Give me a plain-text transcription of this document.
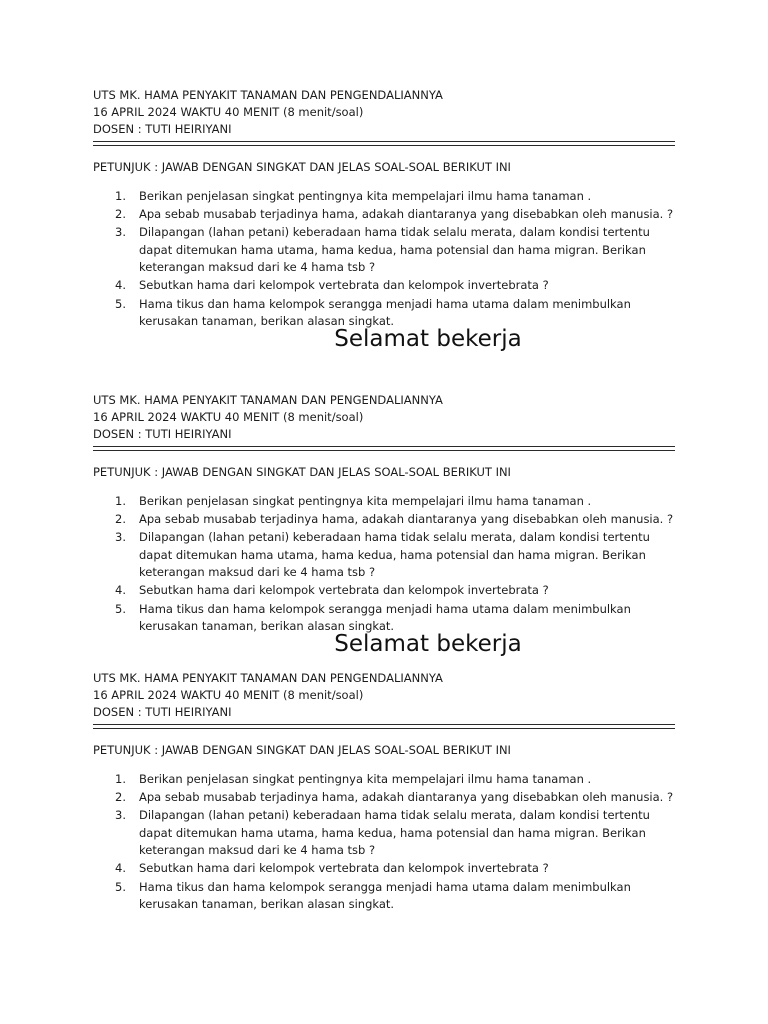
UTS MK. HAMA PENYAKIT TANAMAN DAN PENGENDALIANNYA
16 APRIL 2024 WAKTU 40 MENIT (8 menit/soal)
DOSEN : TUTI HEIRIYANI
PETUNJUK : JAWAB DENGAN SINGKAT DAN JELAS SOAL-SOAL BERIKUT INI
1. Berikan penjelasan singkat pentingnya kita mempelajari ilmu hama tanaman .
2. Apa sebab musabab terjadinya hama, adakah diantaranya yang disebabkan oleh manusia. ?
3. Dilapangan (lahan petani) keberadaan hama tidak selalu merata, dalam kondisi tertentu
dapat ditemukan hama utama, hama kedua, hama potensial dan hama migran. Berikan
keterangan maksud dari ke 4 hama tsb ?
4. Sebutkan hama dari kelompok vertebrata dan kelompok invertebrata ?
5. Hama tikus dan hama kelompok serangga menjadi hama utama dalam menimbulkan
kerusakan tanaman, berikan alasan singkat.
Selamat bekerja
UTS MK. HAMA PENYAKIT TANAMAN DAN PENGENDALIANNYA
16 APRIL 2024 WAKTU 40 MENIT (8 menit/soal)
DOSEN : TUTI HEIRIYANI
PETUNJUK : JAWAB DENGAN SINGKAT DAN JELAS SOAL-SOAL BERIKUT INI
1. Berikan penjelasan singkat pentingnya kita mempelajari ilmu hama tanaman .
2. Apa sebab musabab terjadinya hama, adakah diantaranya yang disebabkan oleh manusia. ?
3. Dilapangan (lahan petani) keberadaan hama tidak selalu merata, dalam kondisi tertentu
dapat ditemukan hama utama, hama kedua, hama potensial dan hama migran. Berikan
keterangan maksud dari ke 4 hama tsb ?
4. Sebutkan hama dari kelompok vertebrata dan kelompok invertebrata ?
5. Hama tikus dan hama kelompok serangga menjadi hama utama dalam menimbulkan
kerusakan tanaman, berikan alasan singkat.
Selamat bekerja
UTS MK. HAMA PENYAKIT TANAMAN DAN PENGENDALIANNYA
16 APRIL 2024 WAKTU 40 MENIT (8 menit/soal)
DOSEN : TUTI HEIRIYANI
PETUNJUK : JAWAB DENGAN SINGKAT DAN JELAS SOAL-SOAL BERIKUT INI
1. Berikan penjelasan singkat pentingnya kita mempelajari ilmu hama tanaman .
2. Apa sebab musabab terjadinya hama, adakah diantaranya yang disebabkan oleh manusia. ?
3. Dilapangan (lahan petani) keberadaan hama tidak selalu merata, dalam kondisi tertentu
dapat ditemukan hama utama, hama kedua, hama potensial dan hama migran. Berikan
keterangan maksud dari ke 4 hama tsb ?
4. Sebutkan hama dari kelompok vertebrata dan kelompok invertebrata ?
5. Hama tikus dan hama kelompok serangga menjadi hama utama dalam menimbulkan
kerusakan tanaman, berikan alasan singkat.
